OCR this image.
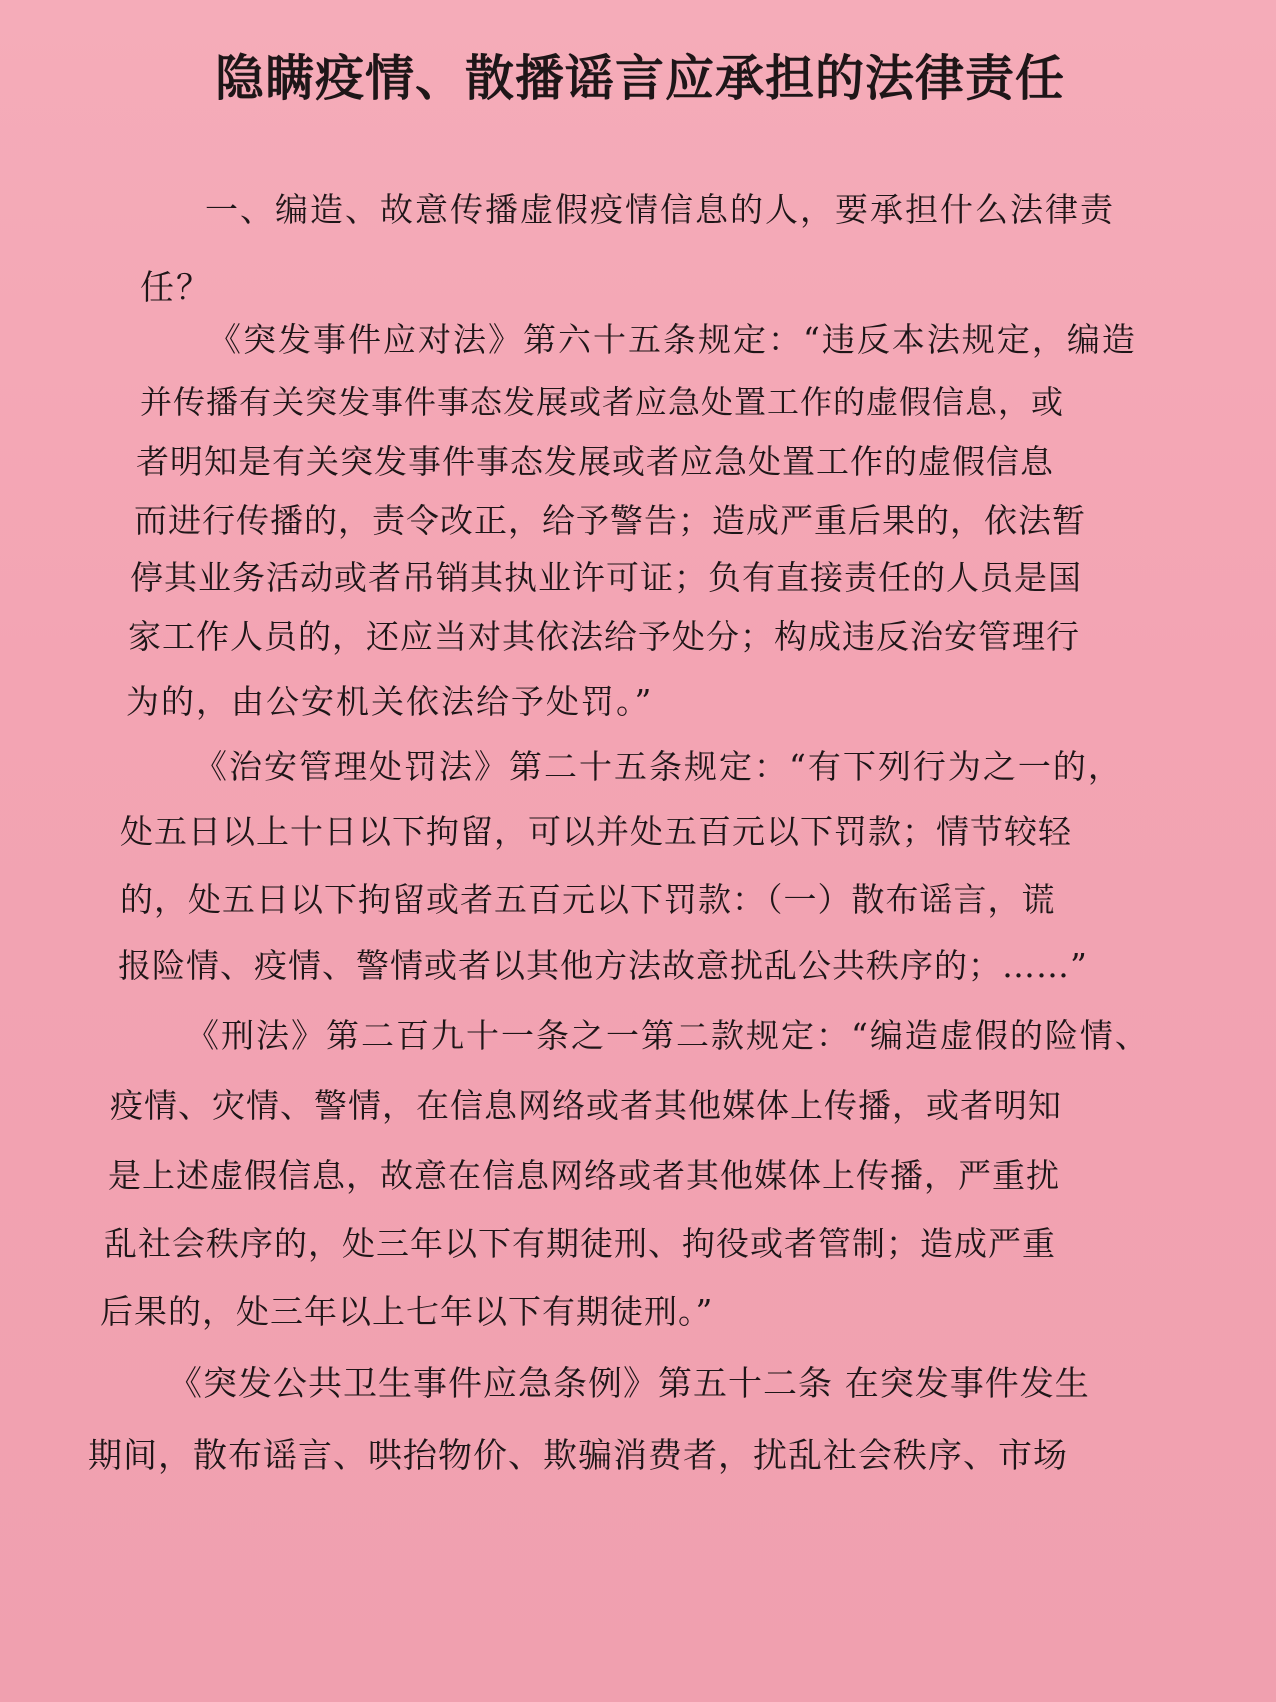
隐瞒疫情、散播谣言应承担的法律责任
一、编造、故意传播虚假疫情信息的人，要承担什么法律责
任？
《突发事件应对法》第六十五条规定：“违反本法规定，编造
并传播有关突发事件事态发展或者应急处置工作的虚假信息，或
者明知是有关突发事件事态发展或者应急处置工作的虚假信息
而进行传播的，责令改正，给予警告；造成严重后果的，依法暂
停其业务活动或者吊销其执业许可证；负有直接责任的人员是国
家工作人员的，还应当对其依法给予处分；构成违反治安管理行
为的，由公安机关依法给予处罚。”
《治安管理处罚法》第二十五条规定：“有下列行为之一的，
处五日以上十日以下拘留，可以并处五百元以下罚款；情节较轻
的，处五日以下拘留或者五百元以下罚款：（一）散布谣言，谎
报险情、疫情、警情或者以其他方法故意扰乱公共秩序的；……”
《刑法》第二百九十一条之一第二款规定：“编造虚假的险情、
疫情、灾情、警情，在信息网络或者其他媒体上传播，或者明知
是上述虚假信息，故意在信息网络或者其他媒体上传播，严重扰
乱社会秩序的，处三年以下有期徒刑、拘役或者管制；造成严重
后果的，处三年以上七年以下有期徒刑。”
《突发公共卫生事件应急条例》第五十二条 在突发事件发生
期间，散布谣言、哄抬物价、欺骗消费者，扰乱社会秩序、市场
